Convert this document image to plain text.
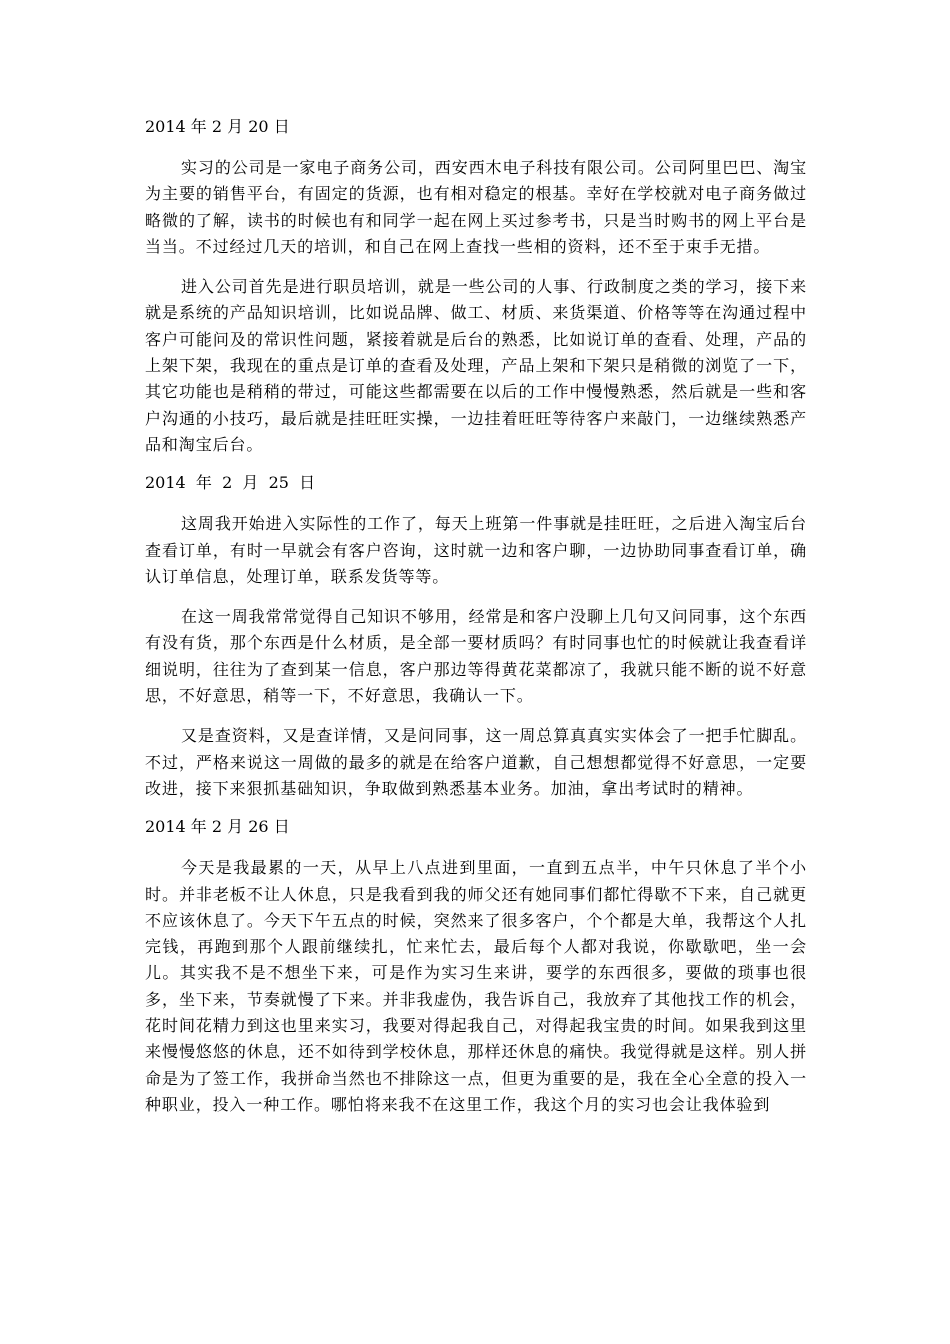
2014 年 2 月 20 日

实习的公司是一家电子商务公司，西安西木电子科技有限公司。公司阿里巴巴、淘宝为主要的销售平台，有固定的货源，也有相对稳定的根基。幸好在学校就对电子商务做过略微的了解，读书的时候也有和同学一起在网上买过参考书，只是当时购书的网上平台是当当。不过经过几天的培训，和自己在网上查找一些相的资料，还不至于束手无措。

进入公司首先是进行职员培训，就是一些公司的人事、行政制度之类的学习，接下来就是系统的产品知识培训，比如说品牌、做工、材质、来货渠道、价格等等在沟通过程中客户可能问及的常识性问题，紧接着就是后台的熟悉，比如说订单的查看、处理，产品的上架下架，我现在的重点是订单的查看及处理，产品上架和下架只是稍微的浏览了一下，其它功能也是稍稍的带过，可能这些都需要在以后的工作中慢慢熟悉，然后就是一些和客户沟通的小技巧，最后就是挂旺旺实操，一边挂着旺旺等待客户来敲门，一边继续熟悉产品和淘宝后台。

2014  年  2  月  25  日

这周我开始进入实际性的工作了，每天上班第一件事就是挂旺旺，之后进入淘宝后台查看订单，有时一早就会有客户咨询，这时就一边和客户聊，一边协助同事查看订单，确认订单信息，处理订单，联系发货等等。

在这一周我常常觉得自己知识不够用，经常是和客户没聊上几句又问同事，这个东西有没有货，那个东西是什么材质，是全部一要材质吗？有时同事也忙的时候就让我查看详细说明，往往为了查到某一信息，客户那边等得黄花菜都凉了，我就只能不断的说不好意思，不好意思，稍等一下，不好意思，我确认一下。

又是查资料，又是查详情，又是问同事，这一周总算真真实实体会了一把手忙脚乱。不过，严格来说这一周做的最多的就是在给客户道歉，自己想想都觉得不好意思，一定要改进，接下来狠抓基础知识，争取做到熟悉基本业务。加油，拿出考试时的精神。

2014 年 2 月 26 日

今天是我最累的一天，从早上八点进到里面，一直到五点半，中午只休息了半个小时。并非老板不让人休息，只是我看到我的师父还有她同事们都忙得歇不下来，自己就更不应该休息了。今天下午五点的时候，突然来了很多客户，个个都是大单，我帮这个人扎完钱，再跑到那个人跟前继续扎，忙来忙去，最后每个人都对我说，你歇歇吧，坐一会儿。其实我不是不想坐下来，可是作为实习生来讲，要学的东西很多，要做的琐事也很多，坐下来，节奏就慢了下来。并非我虚伪，我告诉自己，我放弃了其他找工作的机会，花时间花精力到这也里来实习，我要对得起我自己，对得起我宝贵的时间。如果我到这里来慢慢悠悠的休息，还不如待到学校休息，那样还休息的痛快。我觉得就是这样。别人拼命是为了签工作，我拼命当然也不排除这一点，但更为重要的是，我在全心全意的投入一种职业，投入一种工作。哪怕将来我不在这里工作，我这个月的实习也会让我体验到
